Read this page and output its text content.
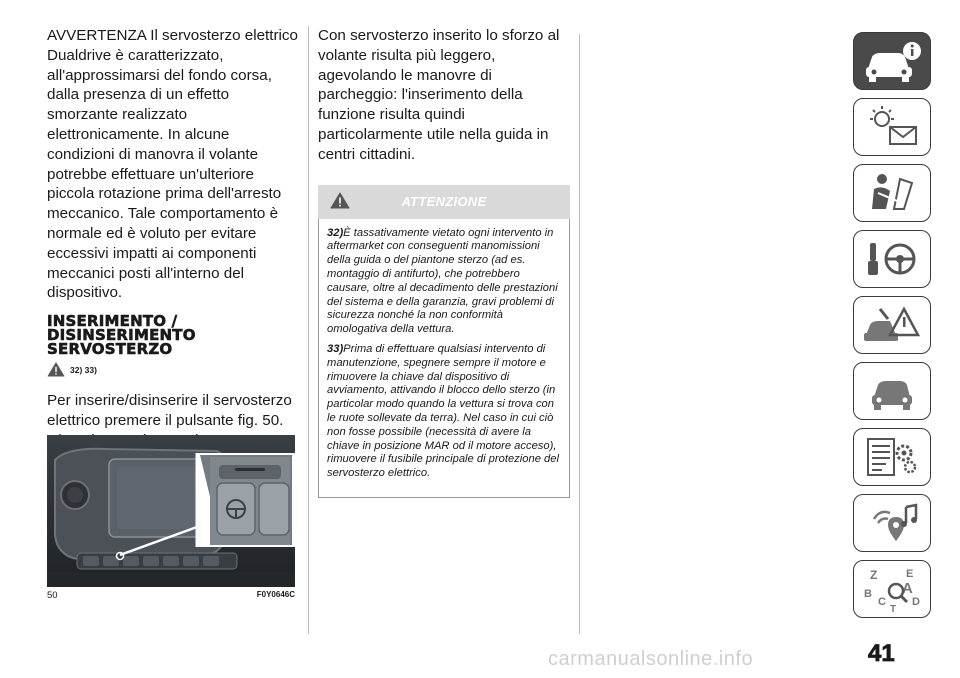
AVVERTENZA Il servosterzo elettrico Dualdrive è caratterizzato, all'approssimarsi del fondo corsa, dalla presenza di un effetto smorzante realizzato elettronicamente. In alcune condizioni di manovra il volante potrebbe effettuare un'ulteriore piccola rotazione prima dell'arresto meccanico. Tale comportamento è normale ed è voluto per evitare eccessivi impatti ai componenti meccanici posti all'interno del dispositivo.

INSERIMENTO /
DISINSERIMENTO
SERVOSTERZO
32) 33)

Per inserire/disinserire il servosterzo elettrico premere il pulsante fig. 50.

50	F0Y0646C

Con servosterzo inserito lo sforzo al volante risulta più leggero, agevolando le manovre di parcheggio: l'inserimento della funzione risulta quindi particolarmente utile nella guida in centri cittadini.

ATTENZIONE

32)È tassativamente vietato ogni intervento in aftermarket con conseguenti manomissioni della guida o del piantone sterzo (ad es. montaggio di antifurto), che potrebbero causare, oltre al decadimento delle prestazioni del sistema e della garanzia, gravi problemi di sicurezza nonché la non conformità omologativa della vettura.

33)Prima di effettuare qualsiasi intervento di manutenzione, spegnere sempre il motore e rimuovere la chiave dal dispositivo di avviamento, attivando il blocco dello sterzo (in particolar modo quando la vettura si trova con le ruote sollevate da terra). Nel caso in cui ciò non fosse possibile (necessità di avere la chiave in posizione MAR od il motore acceso), rimuovere il fusibile principale di protezione del servosterzo elettrico.

Z	E
B A
C D
T
41
carmanualsonline.info
